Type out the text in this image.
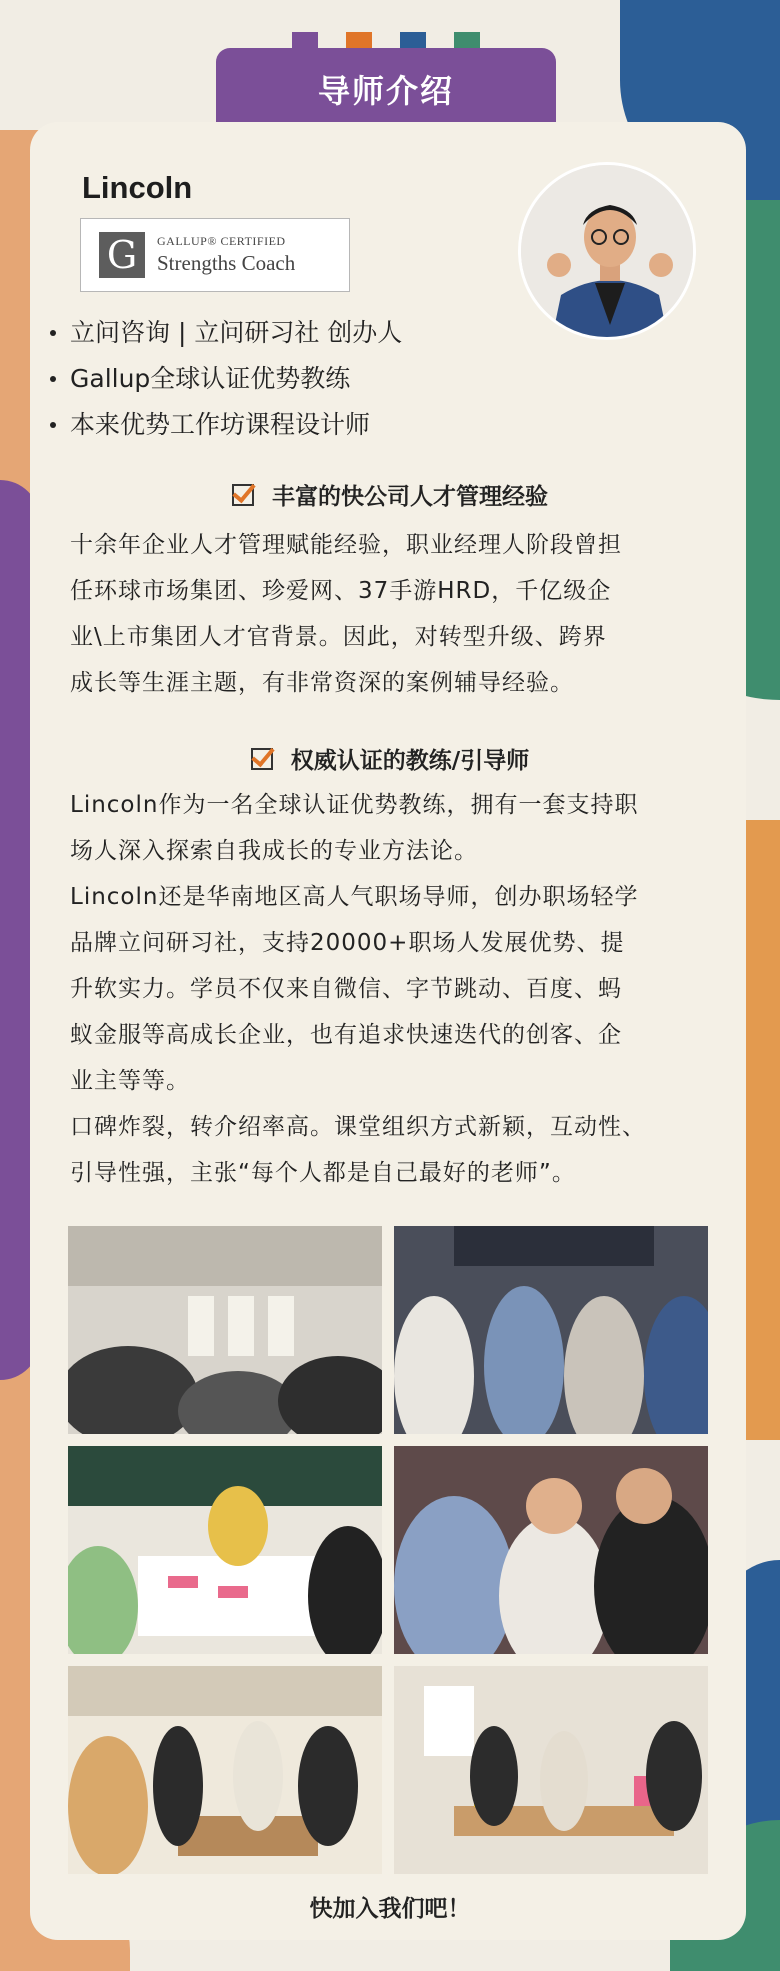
导师介绍
Lincoln
G	GALLUP® CERTIFIED
Strengths Coach
立问咨询 | 立问研习社 创办人
Gallup全球认证优势教练
本来优势工作坊课程设计师
丰富的快公司人才管理经验
十余年企业人才管理赋能经验，职业经理人阶段曾担
任环球市场集团、珍爱网、37手游HRD，千亿级企
业\上市集团人才官背景。因此，对转型升级、跨界
成长等生涯主题，有非常资深的案例辅导经验。
权威认证的教练/引导师
Lincoln作为一名全球认证优势教练，拥有一套支持职
场人深入探索自我成长的专业方法论。
Lincoln还是华南地区高人气职场导师，创办职场轻学
品牌立问研习社，支持20000+职场人发展优势、提
升软实力。学员不仅来自微信、字节跳动、百度、蚂
蚁金服等高成长企业，也有追求快速迭代的创客、企
业主等等。
口碑炸裂，转介绍率高。课堂组织方式新颖，互动性、
引导性强，主张“每个人都是自己最好的老师”。
快加入我们吧！
